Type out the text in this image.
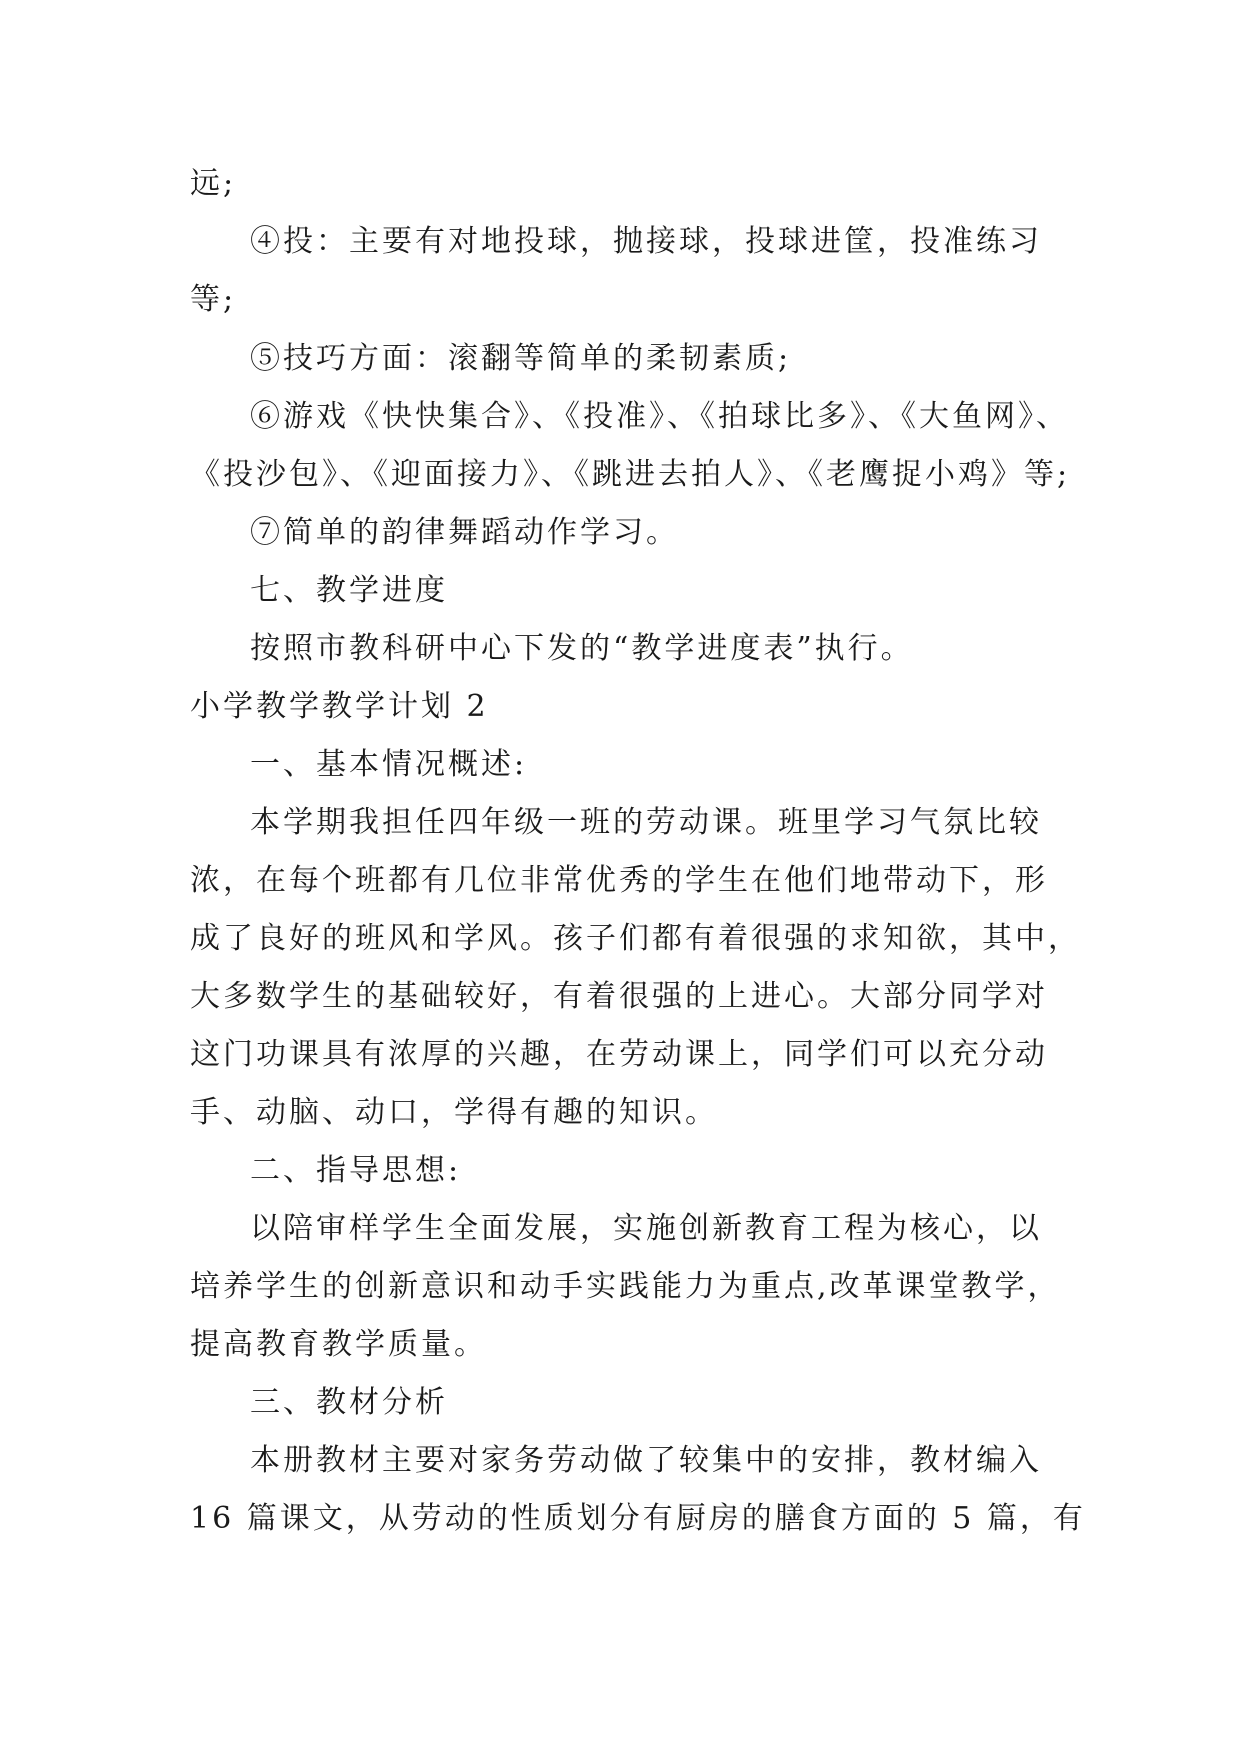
远;
④投：主要有对地投球，抛接球，投球进筐，投准练习
等;
⑤技巧方面：滚翻等简单的柔韧素质;
⑥游戏《快快集合》、《投准》、《拍球比多》、《大鱼网》、
《投沙包》、《迎面接力》、《跳进去拍人》、《老鹰捉小鸡》等;
⑦简单的韵律舞蹈动作学习。
七、教学进度
按照市教科研中心下发的“教学进度表”执行。
小学教学教学计划 2
一、基本情况概述:
本学期我担任四年级一班的劳动课。班里学习气氛比较
浓，在每个班都有几位非常优秀的学生在他们地带动下，形
成了良好的班风和学风。孩子们都有着很强的求知欲，其中，
大多数学生的基础较好，有着很强的上进心。大部分同学对
这门功课具有浓厚的兴趣，在劳动课上，同学们可以充分动
手、动脑、动口，学得有趣的知识。
二、指导思想:
以陪审样学生全面发展，实施创新教育工程为核心，以
培养学生的创新意识和动手实践能力为重点,改革课堂教学，
提高教育教学质量。
三、教材分析
本册教材主要对家务劳动做了较集中的安排，教材编入
16 篇课文，从劳动的性质划分有厨房的膳食方面的 5 篇，有
